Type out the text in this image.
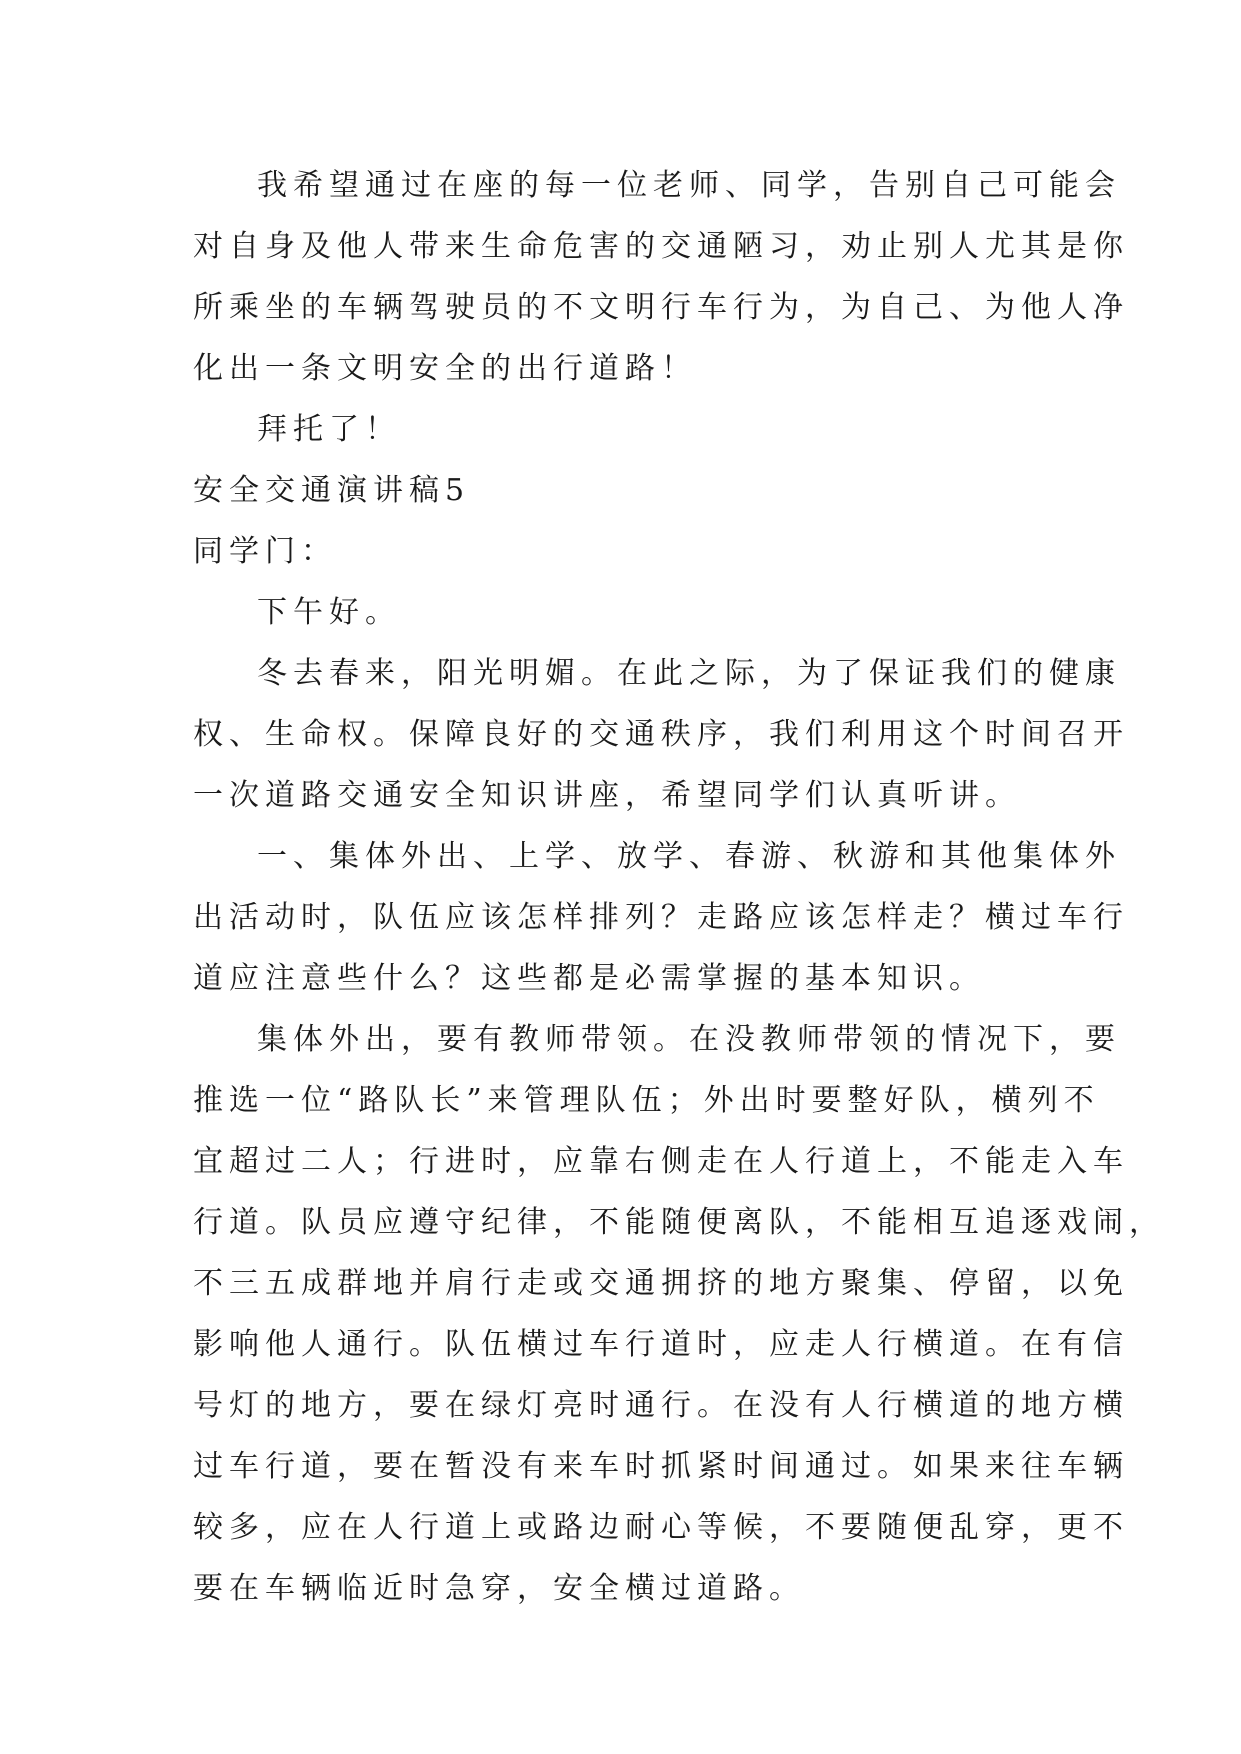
我希望通过在座的每一位老师、同学，告别自己可能会
对自身及他人带来生命危害的交通陋习，劝止别人尤其是你
所乘坐的车辆驾驶员的不文明行车行为，为自己、为他人净
化出一条文明安全的出行道路！
拜托了！
安全交通演讲稿5
同学门：
下午好。
冬去春来，阳光明媚。在此之际，为了保证我们的健康
权、生命权。保障良好的交通秩序，我们利用这个时间召开
一次道路交通安全知识讲座，希望同学们认真听讲。
一、集体外出、上学、放学、春游、秋游和其他集体外
出活动时，队伍应该怎样排列？走路应该怎样走？横过车行
道应注意些什么？这些都是必需掌握的基本知识。
集体外出，要有教师带领。在没教师带领的情况下，要
推选一位“路队长”来管理队伍；外出时要整好队，横列不
宜超过二人；行进时，应靠右侧走在人行道上，不能走入车
行道。队员应遵守纪律，不能随便离队，不能相互追逐戏闹，
不三五成群地并肩行走或交通拥挤的地方聚集、停留，以免
影响他人通行。队伍横过车行道时，应走人行横道。在有信
号灯的地方，要在绿灯亮时通行。在没有人行横道的地方横
过车行道，要在暂没有来车时抓紧时间通过。如果来往车辆
较多，应在人行道上或路边耐心等候，不要随便乱穿，更不
要在车辆临近时急穿，安全横过道路。
